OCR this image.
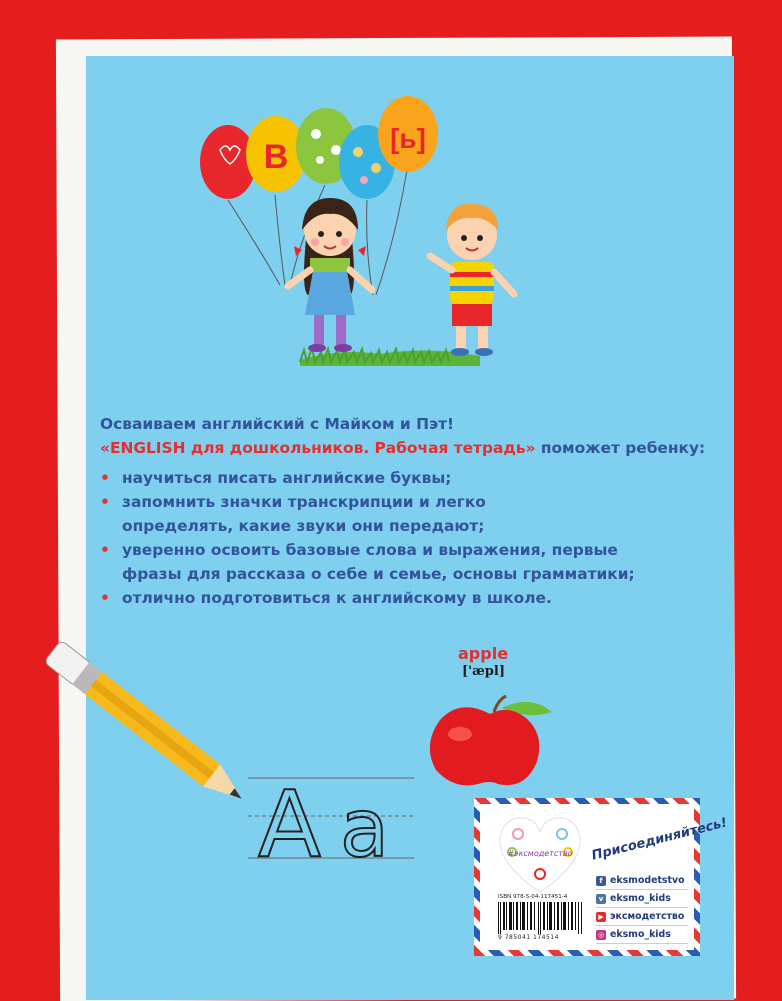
B	[ь]
Осваиваем английский с Майком и Пэт!
«ENGLISH для дошкольников. Рабочая тетрадь» поможет ребенку:
• научиться писать английские буквы;
• запомнить значки транскрипции и легко
определять, какие звуки они передают;
• уверенно освоить базовые слова и выражения, первые
фразы для рассказа о себе и семье, основы грамматики;
• отлично подготовиться к английскому в школе.
apple
['æpl]
A a	#эксмодетство Присоединяйтесь!
ISBN 978-5-04-117451-4
9 785041 174514
f eksmodetstvo
v eksmo_kids
▶ эксмодетство
◎ eksmo_kids
